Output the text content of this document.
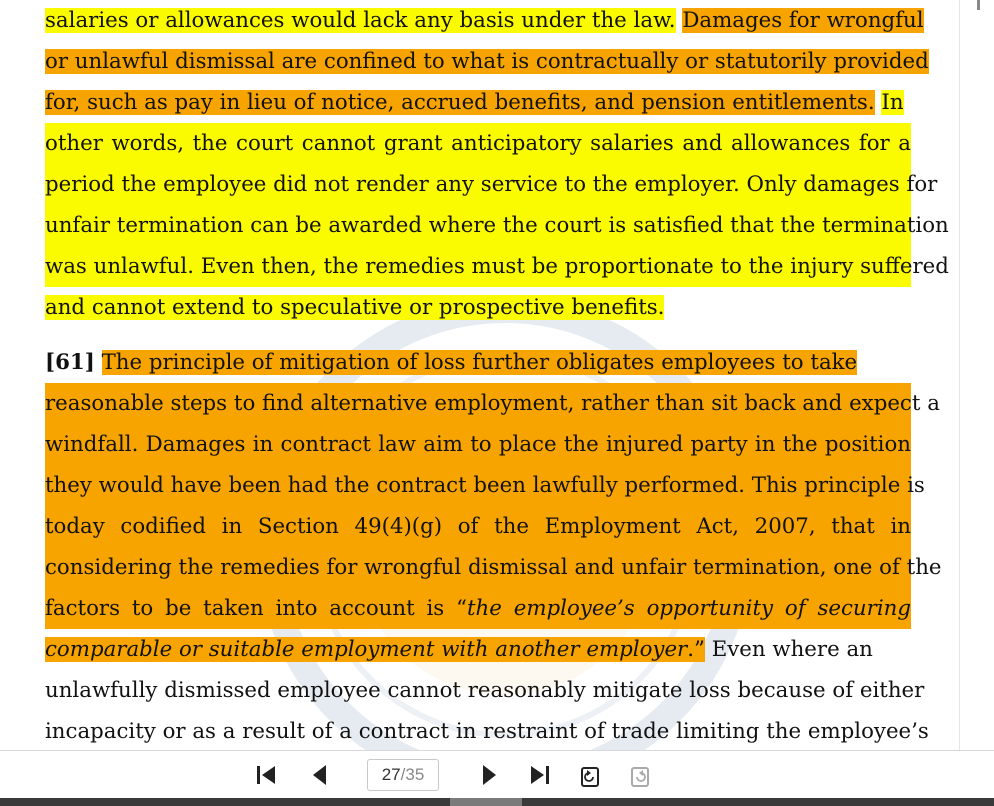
salaries or allowances would lack any basis under the law. Damages for wrongful
or unlawful dismissal are confined to what is contractually or statutorily provided
for, such as pay in lieu of notice, accrued benefits, and pension entitlements. In
other words, the court cannot grant anticipatory salaries and allowances for a
period the employee did not render any service to the employer. Only damages for
unfair termination can be awarded where the court is satisfied that the termination
was unlawful. Even then, the remedies must be proportionate to the injury suffered
and cannot extend to speculative or prospective benefits.
[61] The principle of mitigation of loss further obligates employees to take
reasonable steps to find alternative employment, rather than sit back and expect a
windfall. Damages in contract law aim to place the injured party in the position
they would have been had the contract been lawfully performed. This principle is
today codified in Section 49(4)(g) of the Employment Act, 2007, that in
considering the remedies for wrongful dismissal and unfair termination, one of the
factors to be taken into account is “the employee’s opportunity of securing
comparable or suitable employment with another employer.” Even where an
unlawfully dismissed employee cannot reasonably mitigate loss because of either
incapacity or as a result of a contract in restraint of trade limiting the employee’s
27/35
